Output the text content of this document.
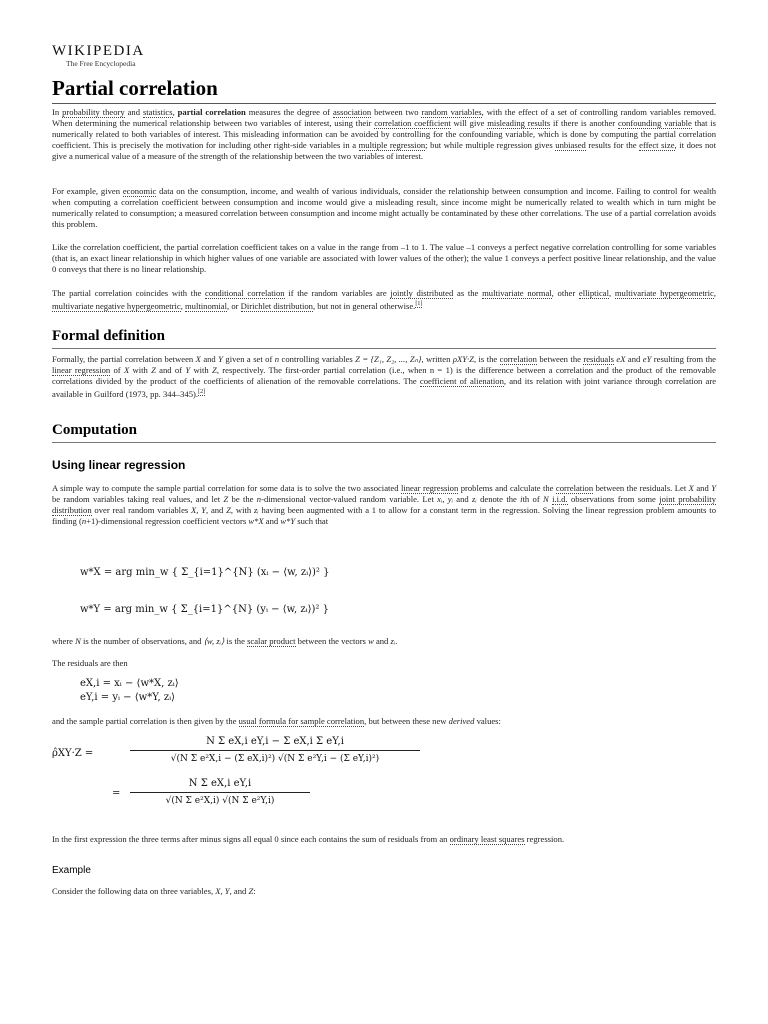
WIKIPEDIA
The Free Encyclopedia
Partial correlation

In probability theory and statistics, partial correlation measures the degree of association between two random variables, with the effect of a set of controlling random variables removed. When determining the numerical relationship between two variables of interest, using their correlation coefficient will give misleading results if there is another confounding variable that is numerically related to both variables of interest. This misleading information can be avoided by controlling for the confounding variable, which is done by computing the partial correlation coefficient. This is precisely the motivation for including other right-side variables in a multiple regression; but while multiple regression gives unbiased results for the effect size, it does not give a numerical value of a measure of the strength of the relationship between the two variables of interest.

For example, given economic data on the consumption, income, and wealth of various individuals, consider the relationship between consumption and income. Failing to control for wealth when computing a correlation coefficient between consumption and income would give a misleading result, since income might be numerically related to wealth which in turn might be numerically related to consumption; a measured correlation between consumption and income might actually be contaminated by these other correlations. The use of a partial correlation avoids this problem.

Like the correlation coefficient, the partial correlation coefficient takes on a value in the range from –1 to 1. The value –1 conveys a perfect negative correlation controlling for some variables (that is, an exact linear relationship in which higher values of one variable are associated with lower values of the other); the value 1 conveys a perfect positive linear relationship, and the value 0 conveys that there is no linear relationship.

The partial correlation coincides with the conditional correlation if the random variables are jointly distributed as the multivariate normal, other elliptical, multivariate hypergeometric, multivariate negative hypergeometric, multinomial, or Dirichlet distribution, but not in general otherwise.[1]

Formal definition

Formally, the partial correlation between X and Y given a set of n controlling variables Z = {Z₁, Z₂, ..., Zₙ}, written ρXY·Z, is the correlation between the residuals eX and eY resulting from the linear regression of X with Z and of Y with Z, respectively. The first-order partial correlation (i.e., when n = 1) is the difference between a correlation and the product of the removable correlations divided by the product of the coefficients of alienation of the removable correlations. The coefficient of alienation, and its relation with joint variance through correlation are available in Guilford (1973, pp. 344–345).[2]

Computation
Using linear regression

A simple way to compute the sample partial correlation for some data is to solve the two associated linear regression problems and calculate the correlation between the residuals. Let X and Y be random variables taking real values, and let Z be the n-dimensional vector-valued random variable. Let xᵢ, yᵢ and zᵢ denote the ith of N i.i.d. observations from some joint probability distribution over real random variables X, Y, and Z, with zᵢ having been augmented with a 1 to allow for a constant term in the regression. Solving the linear regression problem amounts to finding (n+1)-dimensional regression coefficient vectors w*X and w*Y such that

w*X = arg min_w { Σ_{i=1}^{N} (xᵢ − ⟨w, zᵢ⟩)² }
w*Y = arg min_w { Σ_{i=1}^{N} (yᵢ − ⟨w, zᵢ⟩)² }

where N is the number of observations, and ⟨w, zᵢ⟩ is the scalar product between the vectors w and zᵢ.

The residuals are then

eX,i = xᵢ − ⟨w*X, zᵢ⟩
eY,i = yᵢ − ⟨w*Y, zᵢ⟩

and the sample partial correlation is then given by the usual formula for sample correlation, but between these new derived values:

ρ̂XY·Z =
N Σ eX,i eY,i − Σ eX,i Σ eY,i
√(N Σ e²X,i − (Σ eX,i)²) √(N Σ e²Y,i − (Σ eY,i)²)
=
N Σ eX,i eY,i
√(N Σ e²X,i) √(N Σ e²Y,i)

In the first expression the three terms after minus signs all equal 0 since each contains the sum of residuals from an ordinary least squares regression.

Example

Consider the following data on three variables, X, Y, and Z:
